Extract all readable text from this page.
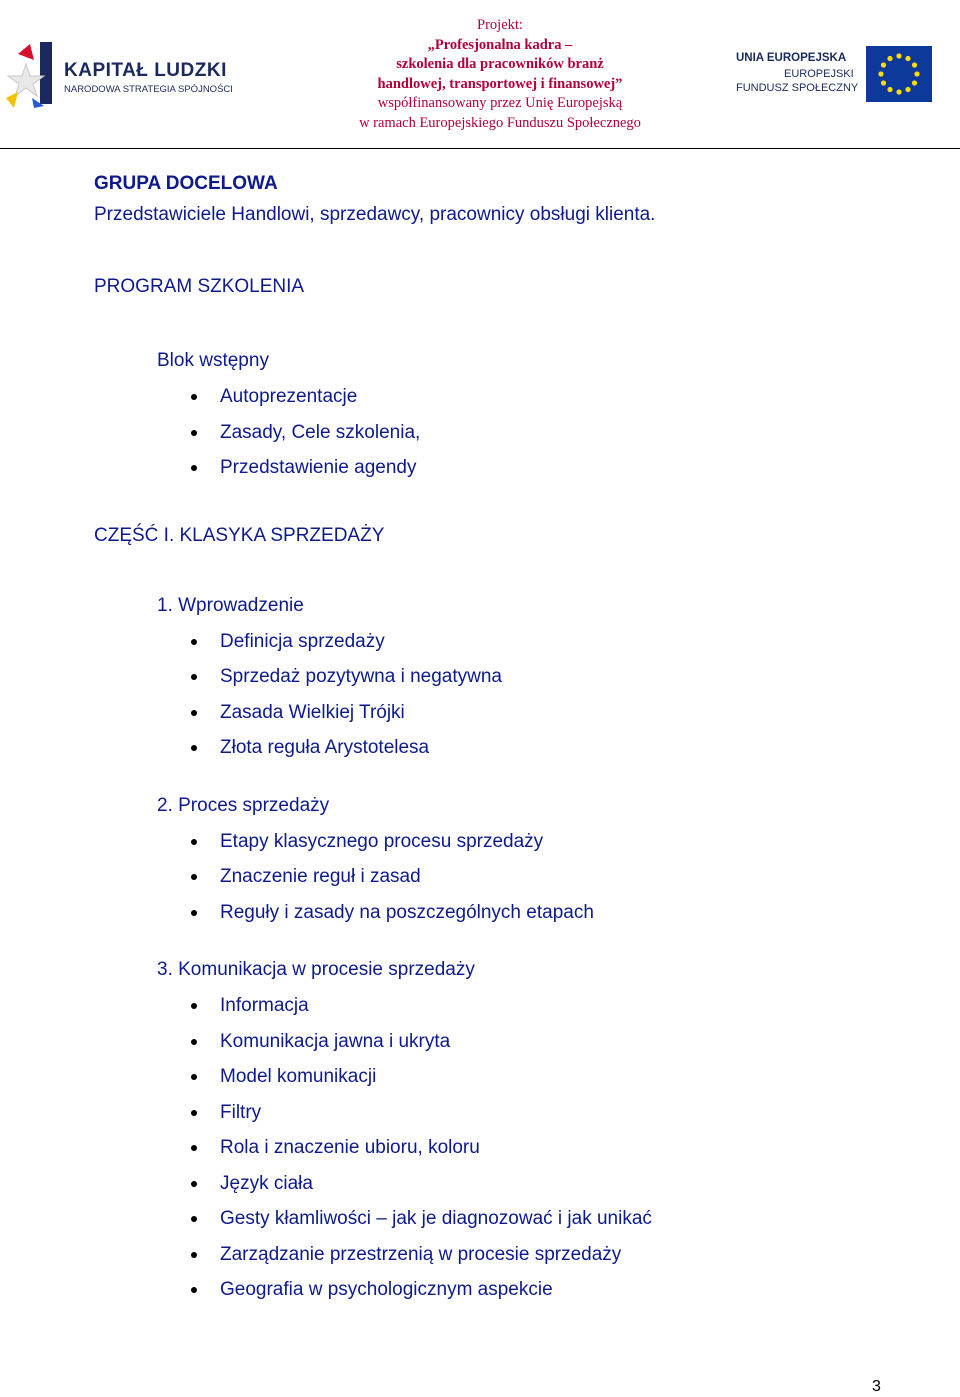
KAPITAŁ LUDZKI
NARODOWA STRATEGIA SPÓJNOŚCI
Projekt:
„Profesjonalna kadra –
szkolenia dla pracowników branż
handlowej, transportowej i finansowej”
współfinansowany przez Unię Europejską
w ramach Europejskiego Funduszu Społecznego
UNIA EUROPEJSKA
EUROPEJSKI
FUNDUSZ SPOŁECZNY

GRUPA DOCELOWA

Przedstawiciele Handlowi, sprzedawcy, pracownicy obsługi klienta.

PROGRAM SZKOLENIA

Blok wstępny

Autoprezentacje
Zasady, Cele szkolenia,
Przedstawienie agendy

CZĘŚĆ I. KLASYKA SPRZEDAŻY

1. Wprowadzenie

Definicja sprzedaży
Sprzedaż pozytywna i negatywna
Zasada Wielkiej Trójki
Złota reguła Arystotelesa

2. Proces sprzedaży

Etapy klasycznego procesu sprzedaży
Znaczenie reguł i zasad
Reguły i zasady na poszczególnych etapach

3. Komunikacja w procesie sprzedaży

Informacja
Komunikacja jawna i ukryta
Model komunikacji
Filtry
Rola i znaczenie ubioru, koloru
Język ciała
Gesty kłamliwości – jak je diagnozować i jak unikać
Zarządzanie przestrzenią w procesie sprzedaży
Geografia w psychologicznym aspekcie
3
